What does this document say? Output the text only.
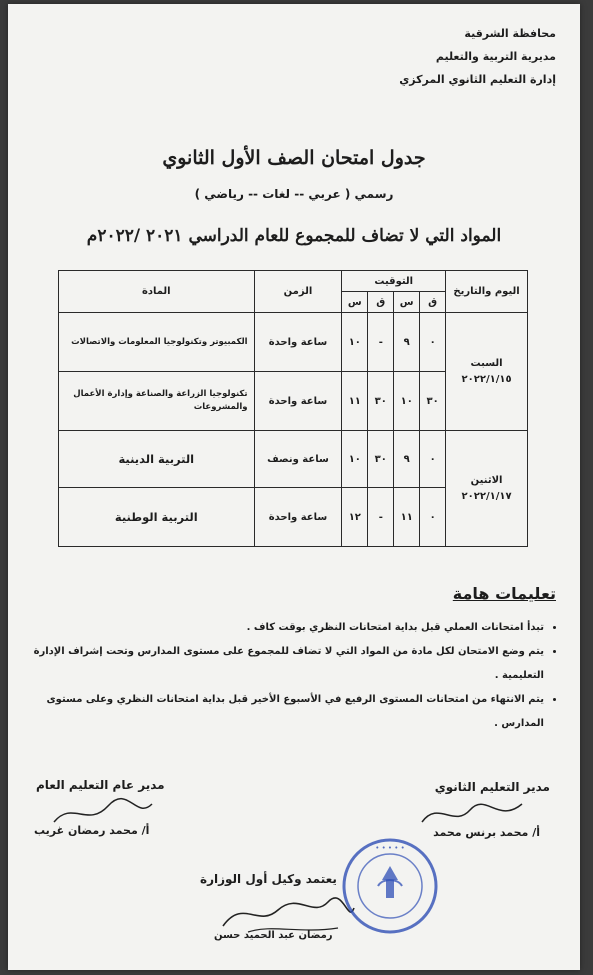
محافظة الشرقية
مديرية التربية والتعليم
إدارة التعليم الثانوي المركزي
جدول امتحان الصف الأول الثانوي
رسمي ( عربي -- لغات -- رياضي )
المواد التي لا تضاف للمجموع للعام الدراسي ٢٠٢١ /٢٠٢٢م
اليوم والتاريخ	التوقيت				الزمن	المادة
	ق	س	ق	س		

السبت
٢٠٢٢/١/١٥	٠	٩	-	١٠	ساعة واحدة	الكمبيوتر وتكنولوجيا المعلومات والاتصالات
	٣٠	١٠	٣٠	١١	ساعة واحدة	تكنولوجيا الزراعة والصناعة وإدارة الأعمال والمشروعات

الاثنين
٢٠٢٢/١/١٧	٠	٩	٣٠	١٠	ساعة ونصف	التربية الدينية
	٠	١١	-	١٢	ساعة واحدة	التربية الوطنية
تعليمات هامة
• تبدأ امتحانات العملي قبل بداية امتحانات النظري بوقت كاف .
• يتم وضع الامتحان لكل مادة من المواد التي لا تضاف للمجموع على مستوى المدارس وتحت إشراف الإدارة التعليمية .
• يتم الانتهاء من امتحانات المستوى الرفيع في الأسبوع الأخير قبل بداية امتحانات النظري وعلى مستوى المدارس .
مدير التعليم الثانوي
أ/ محمد برنس محمد
مدير عام التعليم العام
أ/ محمد رمضان غريب
يعتمد وكيل أول الوزارة
رمضان عبد الحميد حسن
• • • • •
